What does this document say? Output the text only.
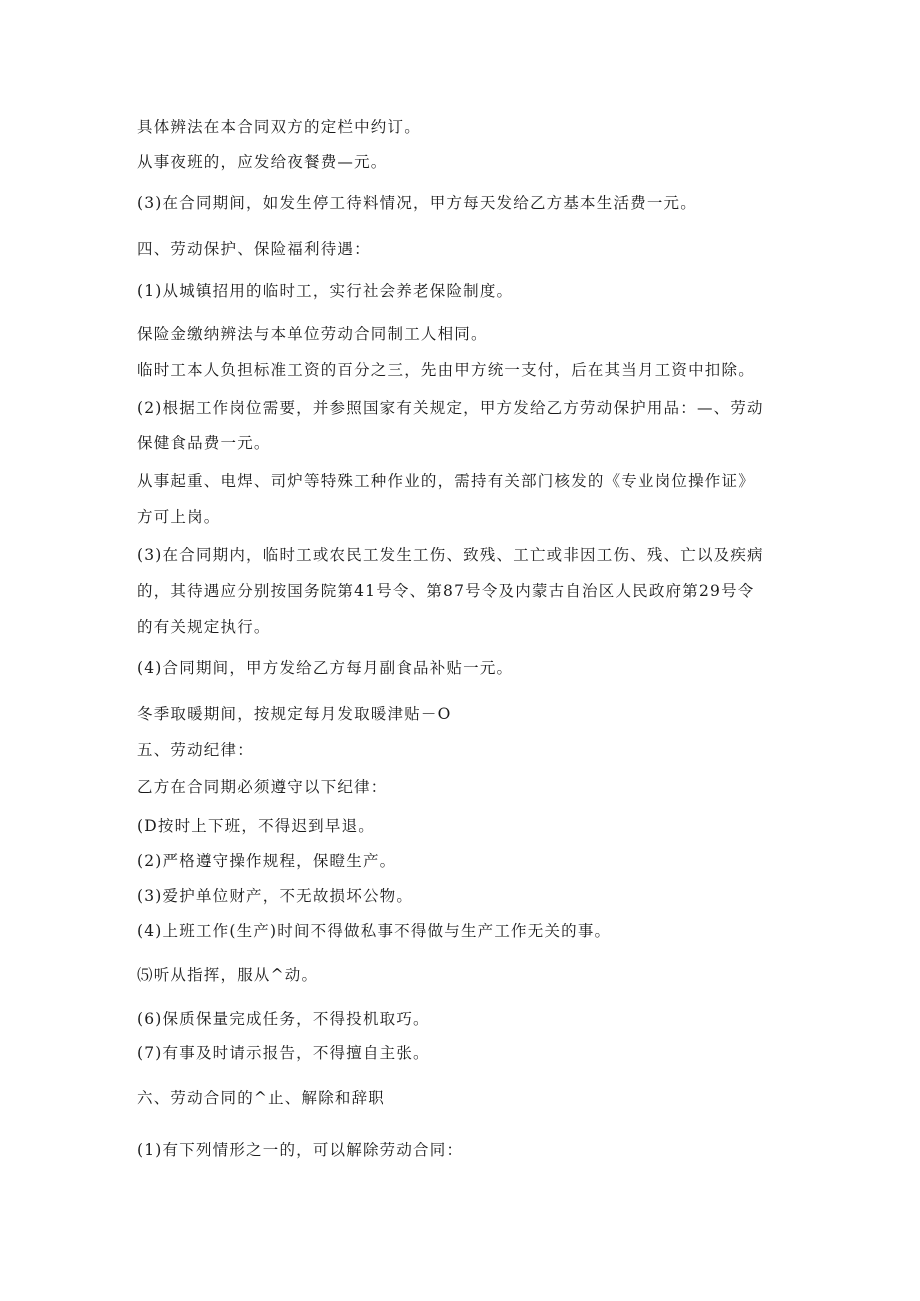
具体辨法在本合同双方的定栏中约订。
从事夜班的，应发给夜餐费—元。
(3)在合同期间，如发生停工待料情况，甲方每天发给乙方基本生活费一元。
四、劳动保护、保险福利待遇：
(1)从城镇招用的临时工，实行社会养老保险制度。
保险金缴纳辨法与本单位劳动合同制工人相同。
临时工本人负担标准工资的百分之三，先由甲方统一支付，后在其当月工资中扣除。
(2)根据工作岗位需要，并参照国家有关规定，甲方发给乙方劳动保护用品：—、劳动
保健食品费一元。
从事起重、电焊、司炉等特殊工种作业的，需持有关部门核发的《专业岗位操作证》
方可上岗。
(3)在合同期内，临时工或农民工发生工伤、致残、工亡或非因工伤、残、亡以及疾病
的，其待遇应分别按国务院第41号令、第87号令及内蒙古自治区人民政府第29号令
的有关规定执行。
(4)合同期间，甲方发给乙方每月副食品补贴一元。
冬季取暖期间，按规定每月发取暖津贴－O
五、劳动纪律：
乙方在合同期必须遵守以下纪律：
(D按时上下班，不得迟到早退。
(2)严格遵守操作规程，保瞪生产。
(3)爱护单位财产，不无故损坏公物。
(4)上班工作(生产)时间不得做私事不得做与生产工作无关的事。
⑸听从指挥，服从^动。
(6)保质保量完成任务，不得投机取巧。
(7)有事及时请示报告，不得擅自主张。
六、劳动合同的^止、解除和辞职
(1)有下列情形之一的，可以解除劳动合同：
